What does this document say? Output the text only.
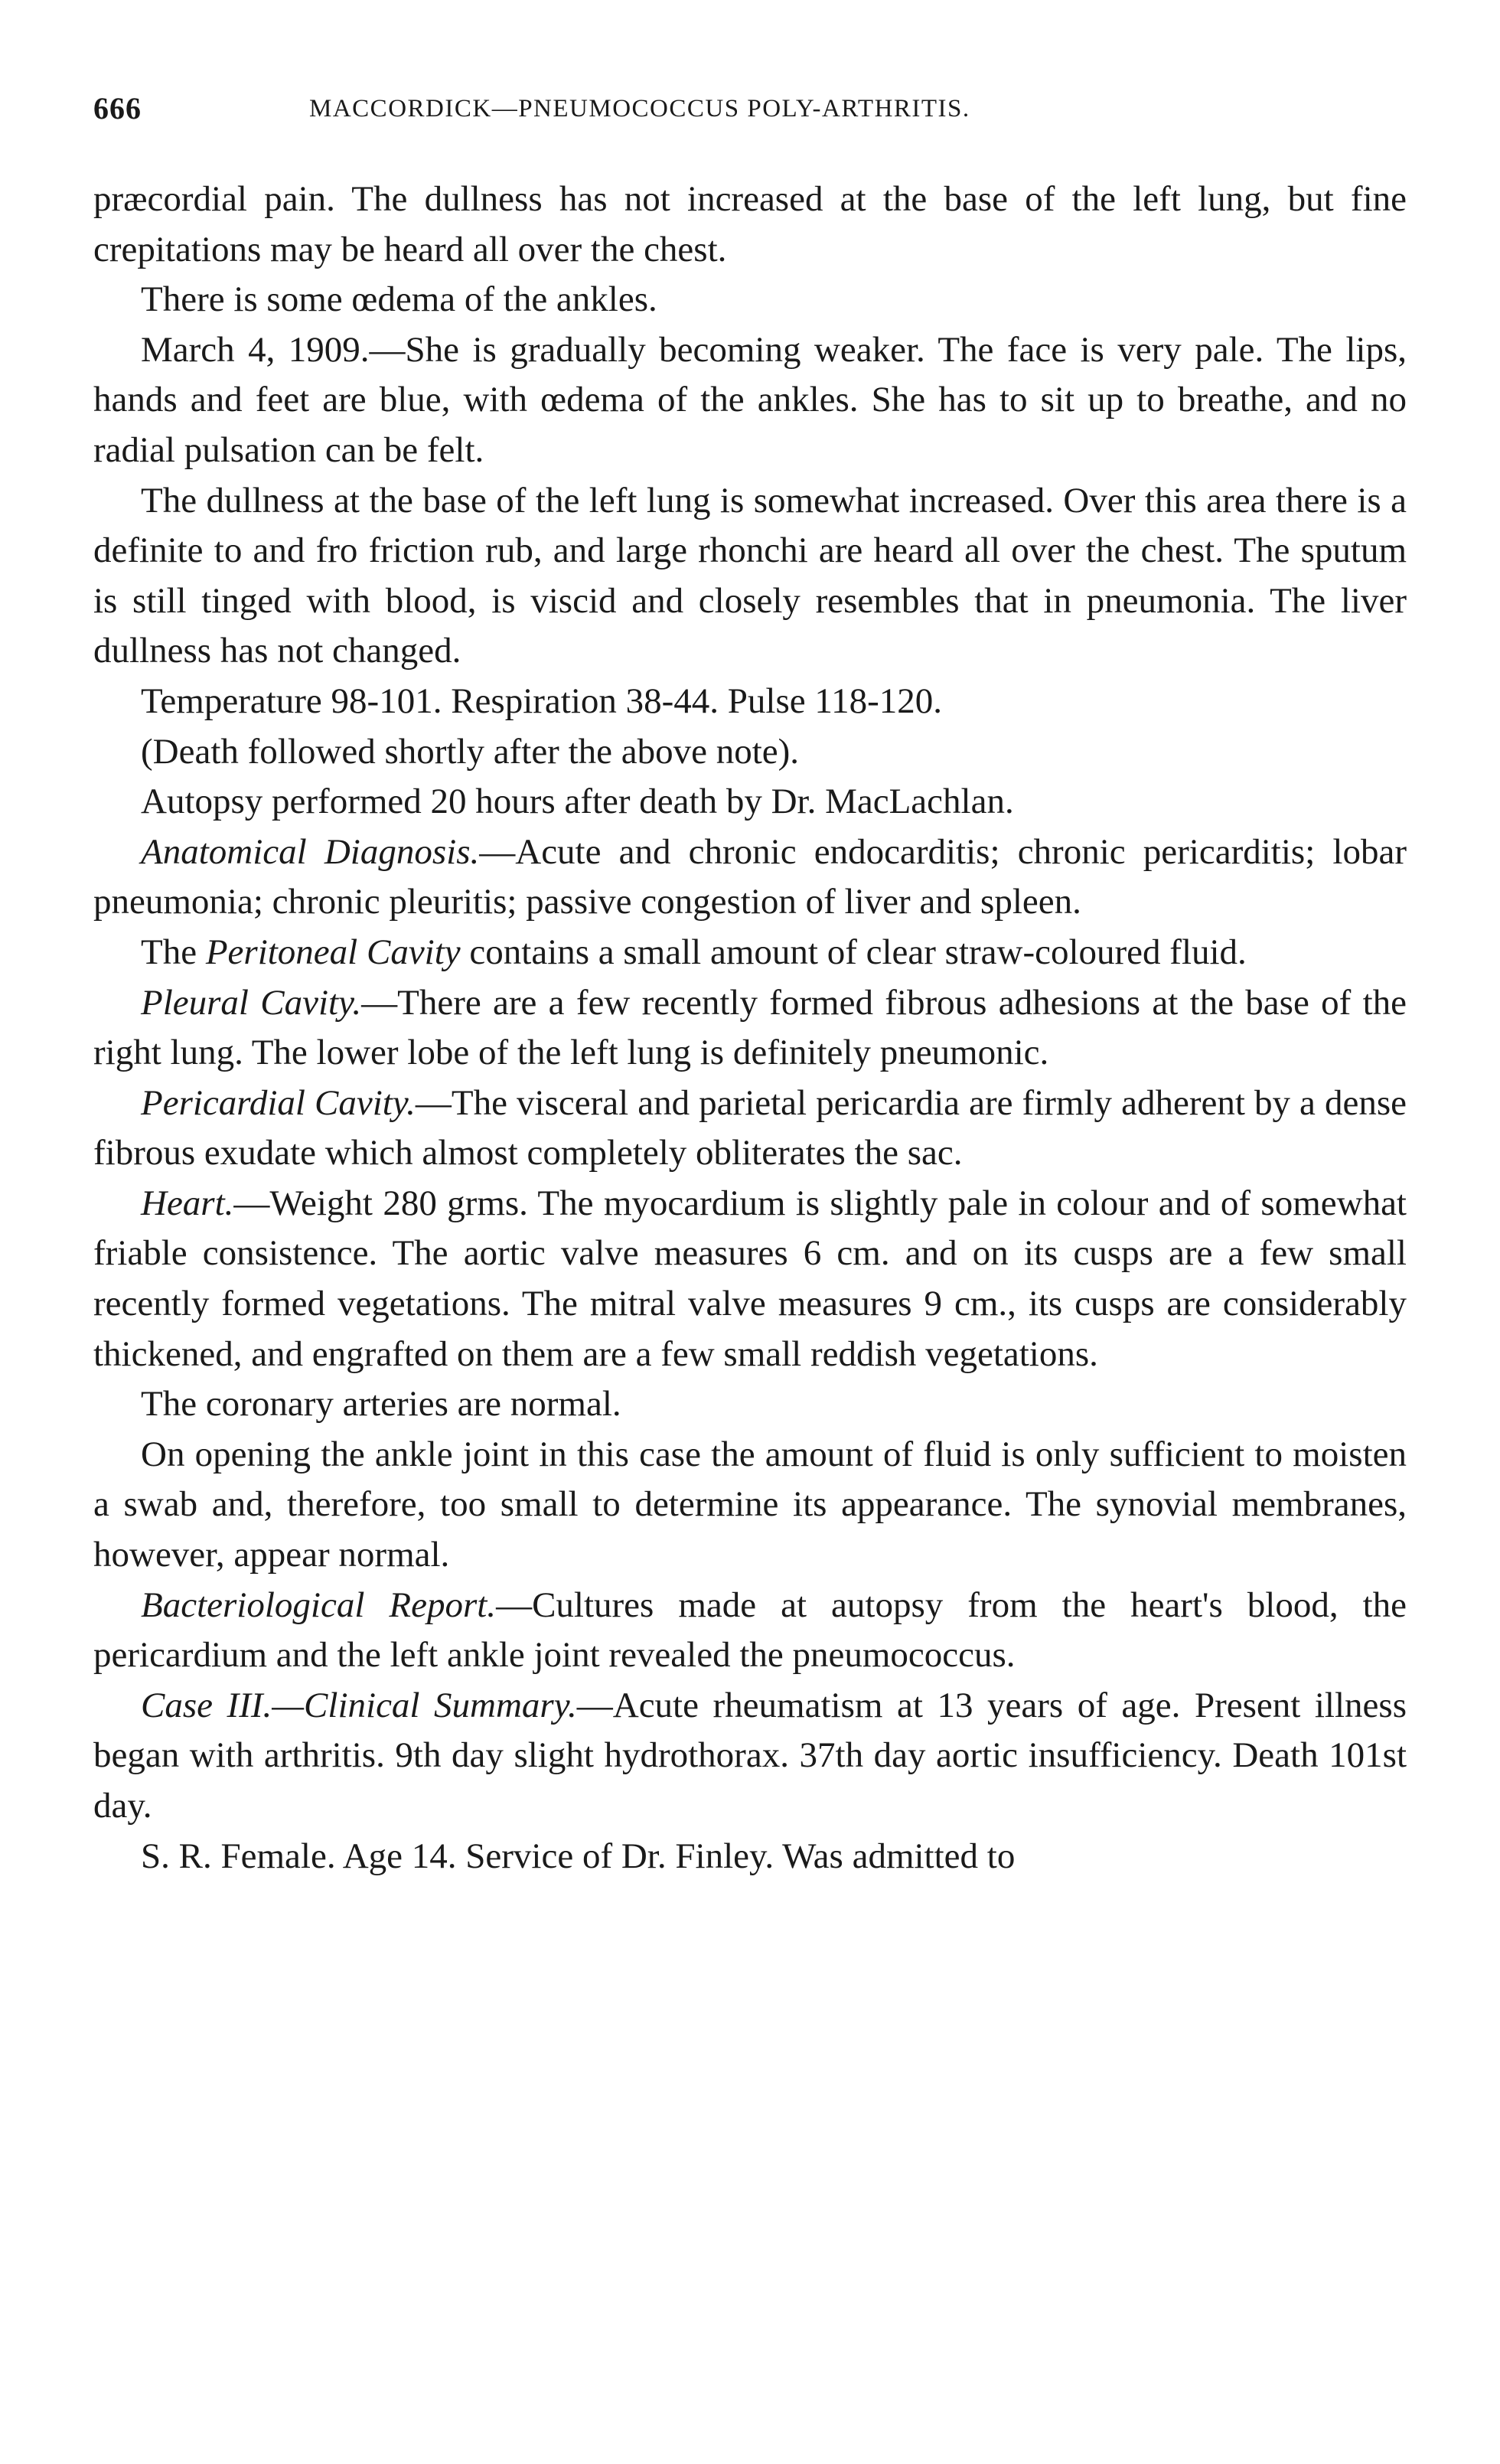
666	MACCORDICK—PNEUMOCOCCUS POLY-ARTHRITIS.

præcordial pain. The dullness has not increased at the base of the left lung, but fine crepitations may be heard all over the chest.

There is some œdema of the ankles.

March 4, 1909.—She is gradually becoming weaker. The face is very pale. The lips, hands and feet are blue, with œdema of the ankles. She has to sit up to breathe, and no radial pulsation can be felt.

The dullness at the base of the left lung is somewhat increased. Over this area there is a definite to and fro friction rub, and large rhonchi are heard all over the chest. The sputum is still tinged with blood, is viscid and closely resembles that in pneumonia. The liver dullness has not changed.

Temperature 98-101. Respiration 38-44. Pulse 118-120.

(Death followed shortly after the above note).

Autopsy performed 20 hours after death by Dr. MacLachlan.

Anatomical Diagnosis.—Acute and chronic endocarditis; chronic pericarditis; lobar pneumonia; chronic pleuritis; passive congestion of liver and spleen.

The Peritoneal Cavity contains a small amount of clear straw-coloured fluid.

Pleural Cavity.—There are a few recently formed fibrous adhesions at the base of the right lung. The lower lobe of the left lung is definitely pneumonic.

Pericardial Cavity.—The visceral and parietal pericardia are firmly adherent by a dense fibrous exudate which almost completely obliterates the sac.

Heart.—Weight 280 grms. The myocardium is slightly pale in colour and of somewhat friable consistence. The aortic valve measures 6 cm. and on its cusps are a few small recently formed vegetations. The mitral valve measures 9 cm., its cusps are considerably thickened, and engrafted on them are a few small reddish vegetations.

The coronary arteries are normal.

On opening the ankle joint in this case the amount of fluid is only sufficient to moisten a swab and, therefore, too small to determine its appearance. The synovial membranes, however, appear normal.

Bacteriological Report.—Cultures made at autopsy from the heart's blood, the pericardium and the left ankle joint revealed the pneumococcus.

Case III.—Clinical Summary.—Acute rheumatism at 13 years of age. Present illness began with arthritis. 9th day slight hydrothorax. 37th day aortic insufficiency. Death 101st day.

S. R. Female. Age 14. Service of Dr. Finley. Was admitted to
